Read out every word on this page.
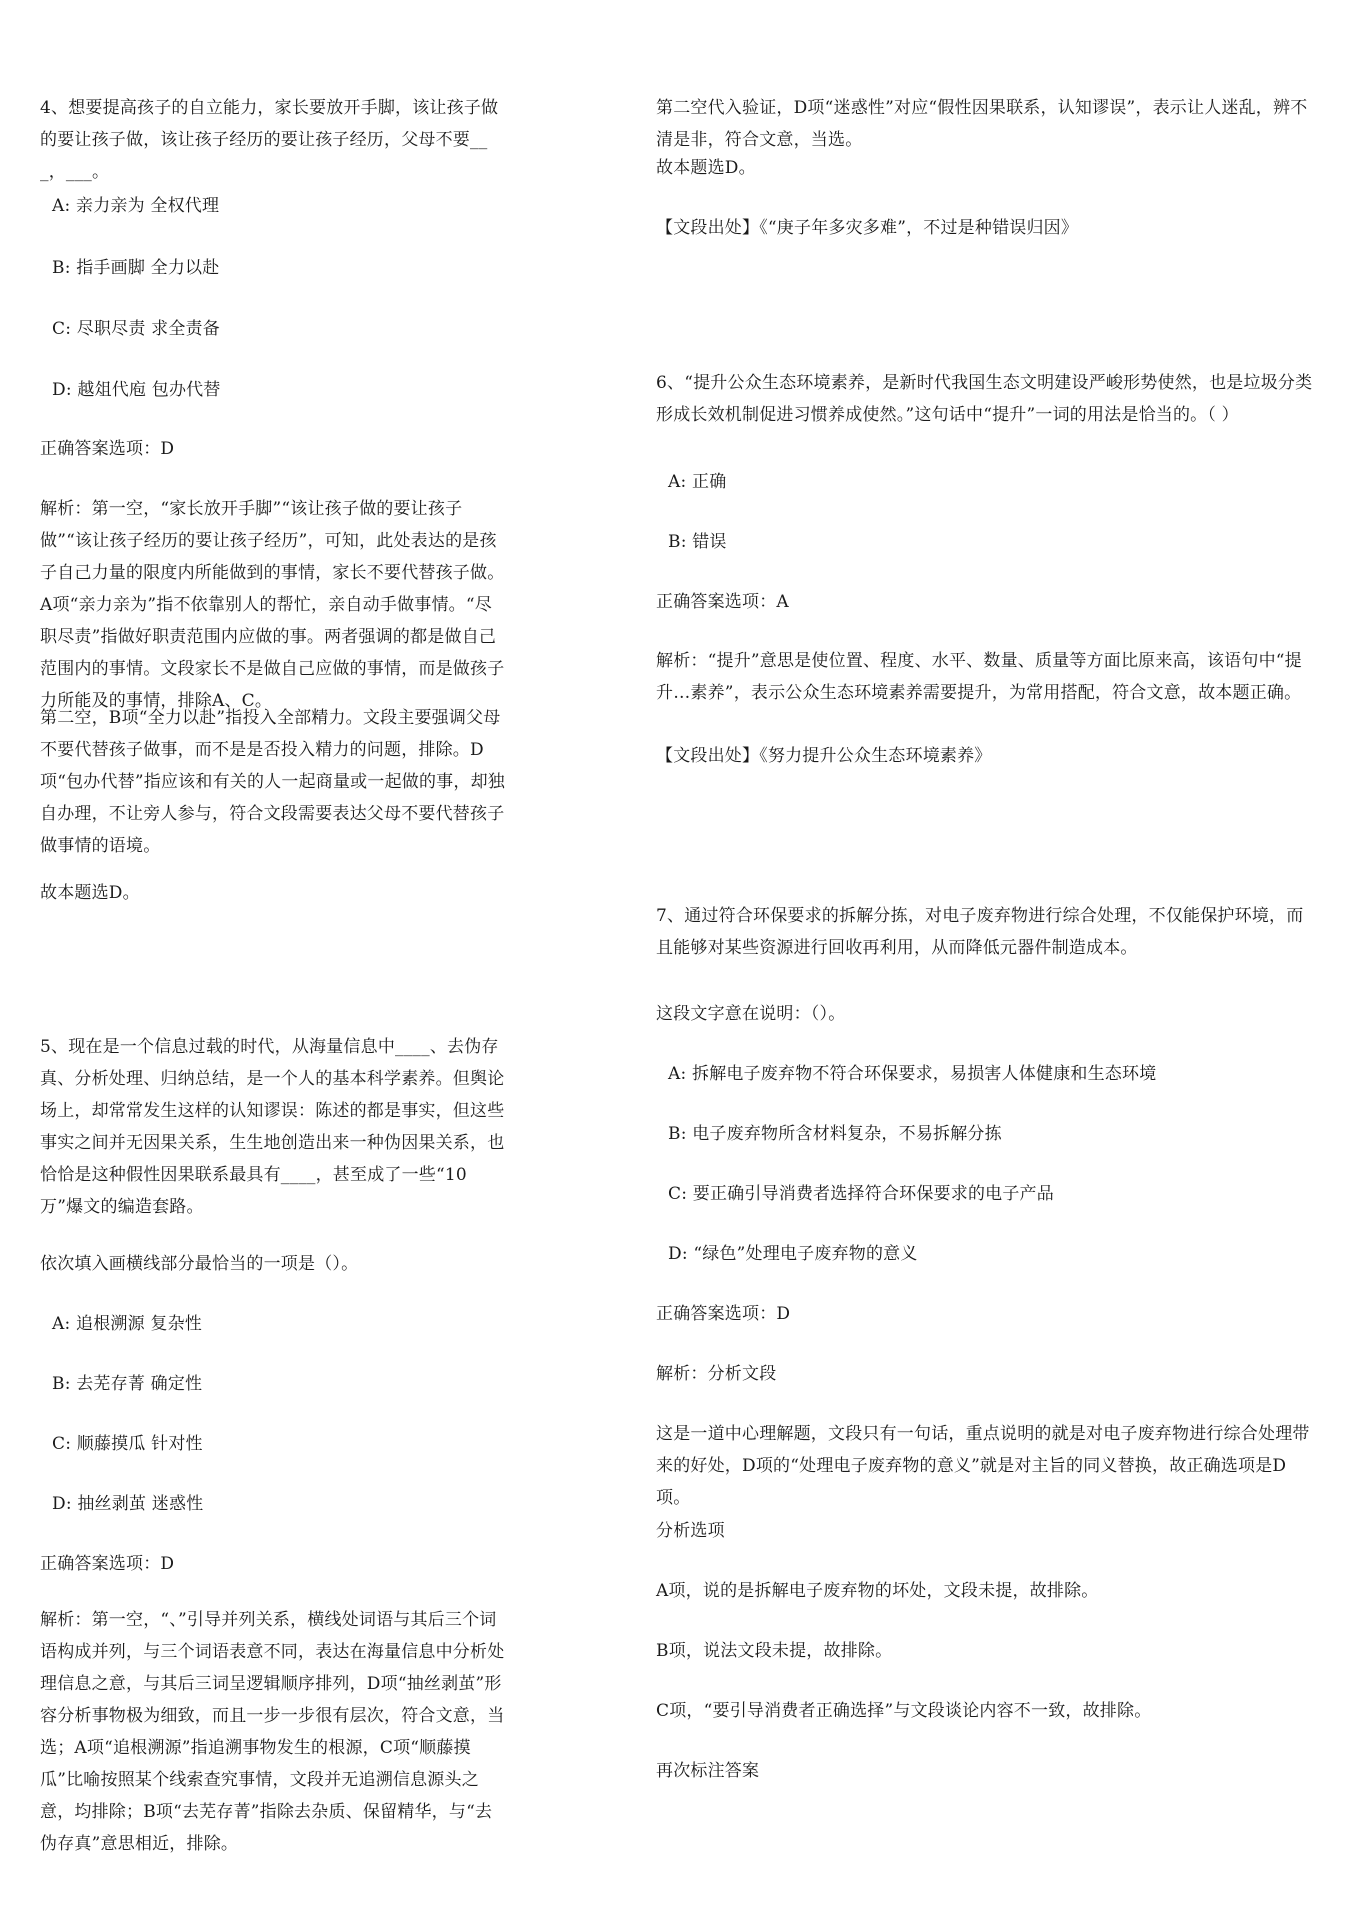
4、想要提高孩子的自立能力，家长要放开手脚，该让孩子做的要让孩子做，该让孩子经历的要让孩子经历，父母不要___，___。

A: 亲力亲为 全权代理

B: 指手画脚 全力以赴

C: 尽职尽责 求全责备

D: 越俎代庖 包办代替

正确答案选项：D

解析：第一空，“家长放开手脚”“该让孩子做的要让孩子做”“该让孩子经历的要让孩子经历”，可知，此处表达的是孩子自己力量的限度内所能做到的事情，家长不要代替孩子做。A项“亲力亲为”指不依靠别人的帮忙，亲自动手做事情。“尽职尽责”指做好职责范围内应做的事。两者强调的都是做自己范围内的事情。文段家长不是做自己应做的事情，而是做孩子力所能及的事情，排除A、C。

第二空，B项“全力以赴”指投入全部精力。文段主要强调父母不要代替孩子做事，而不是是否投入精力的问题，排除。D项“包办代替”指应该和有关的人一起商量或一起做的事，却独自办理，不让旁人参与，符合文段需要表达父母不要代替孩子做事情的语境。

故本题选D。

5、现在是一个信息过载的时代，从海量信息中____、去伪存真、分析处理、归纳总结，是一个人的基本科学素养。但舆论场上，却常常发生这样的认知谬误：陈述的都是事实，但这些事实之间并无因果关系，生生地创造出来一种伪因果关系，也恰恰是这种假性因果联系最具有____，甚至成了一些“10万”爆文的编造套路。

依次填入画横线部分最恰当的一项是（）。

A: 追根溯源 复杂性

B: 去芜存菁 确定性

C: 顺藤摸瓜 针对性

D: 抽丝剥茧 迷惑性

正确答案选项：D

解析：第一空，“、”引导并列关系，横线处词语与其后三个词语构成并列，与三个词语表意不同，表达在海量信息中分析处理信息之意，与其后三词呈逻辑顺序排列，D项“抽丝剥茧”形容分析事物极为细致，而且一步一步很有层次，符合文意，当选；A项“追根溯源”指追溯事物发生的根源，C项“顺藤摸瓜”比喻按照某个线索查究事情，文段并无追溯信息源头之意，均排除；B项“去芜存菁”指除去杂质、保留精华，与“去伪存真”意思相近，排除。

第二空代入验证，D项“迷惑性”对应“假性因果联系，认知谬误”，表示让人迷乱，辨不清是非，符合文意，当选。

故本题选D。

【文段出处】《“庚子年多灾多难”，不过是种错误归因》

6、“提升公众生态环境素养，是新时代我国生态文明建设严峻形势使然，也是垃圾分类形成长效机制促进习惯养成使然。”这句话中“提升”一词的用法是恰当的。（ ）

A: 正确

B: 错误

正确答案选项：A

解析：“提升”意思是使位置、程度、水平、数量、质量等方面比原来高，该语句中“提升…素养”，表示公众生态环境素养需要提升，为常用搭配，符合文意，故本题正确。

【文段出处】《努力提升公众生态环境素养》

7、通过符合环保要求的拆解分拣，对电子废弃物进行综合处理，不仅能保护环境，而且能够对某些资源进行回收再利用，从而降低元器件制造成本。

这段文字意在说明：（）。

A: 拆解电子废弃物不符合环保要求，易损害人体健康和生态环境

B: 电子废弃物所含材料复杂，不易拆解分拣

C: 要正确引导消费者选择符合环保要求的电子产品

D: “绿色”处理电子废弃物的意义

正确答案选项：D

解析：分析文段

这是一道中心理解题，文段只有一句话，重点说明的就是对电子废弃物进行综合处理带来的好处，D项的“处理电子废弃物的意义”就是对主旨的同义替换，故正确选项是D项。

分析选项

A项，说的是拆解电子废弃物的坏处，文段未提，故排除。

B项，说法文段未提，故排除。

C项，“要引导消费者正确选择”与文段谈论内容不一致，故排除。

再次标注答案
